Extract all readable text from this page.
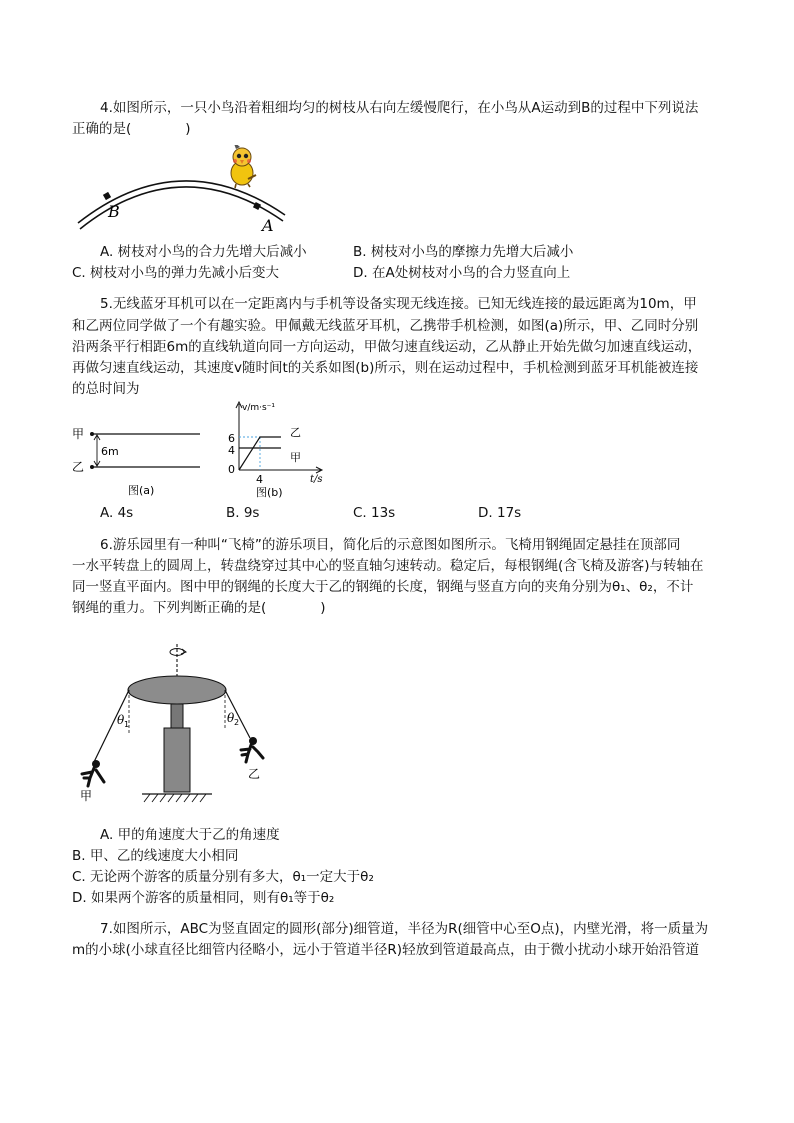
4.如图所示，一只小鸟沿着粗细均匀的树枝从右向左缓慢爬行，在小鸟从A运动到B的过程中下列说法
正确的是(　　　　)
B
A
A. 树枝对小鸟的合力先增大后减小	B. 树枝对小鸟的摩擦力先增大后减小
C. 树枝对小鸟的弹力先减小后变大	D. 在A处树枝对小鸟的合力竖直向上
5.无线蓝牙耳机可以在一定距离内与手机等设备实现无线连接。已知无线连接的最远距离为10m，甲
和乙两位同学做了一个有趣实验。甲佩戴无线蓝牙耳机，乙携带手机检测，如图(a)所示，甲、乙同时分别
沿两条平行相距6m的直线轨道向同一方向运动，甲做匀速直线运动，乙从静止开始先做匀加速直线运动，
再做匀速直线运动，其速度v随时间t的关系如图(b)所示，则在运动过程中，手机检测到蓝牙耳机能被连接
的总时间为
甲
乙
6m
图(a)
v/m·s⁻¹
t/s
6
4
0
4
乙
甲
图(b)
A. 4s	B. 9s	C. 13s	D. 17s
6.游乐园里有一种叫“飞椅”的游乐项目，简化后的示意图如图所示。飞椅用钢绳固定悬挂在顶部同
一水平转盘上的圆周上，转盘绕穿过其中心的竖直轴匀速转动。稳定后，每根钢绳(含飞椅及游客)与转轴在
同一竖直平面内。图中甲的钢绳的长度大于乙的钢绳的长度，钢绳与竖直方向的夹角分别为θ₁、θ₂，不计
钢绳的重力。下列判断正确的是(　　　　)
θ 1	θ 2
甲
乙
A. 甲的角速度大于乙的角速度
B. 甲、乙的线速度大小相同
C. 无论两个游客的质量分别有多大，θ₁一定大于θ₂
D. 如果两个游客的质量相同，则有θ₁等于θ₂
7.如图所示，ABC为竖直固定的圆形(部分)细管道，半径为R(细管中心至O点)，内壁光滑，将一质量为
m的小球(小球直径比细管内径略小，远小于管道半径R)轻放到管道最高点，由于微小扰动小球开始沿管道
